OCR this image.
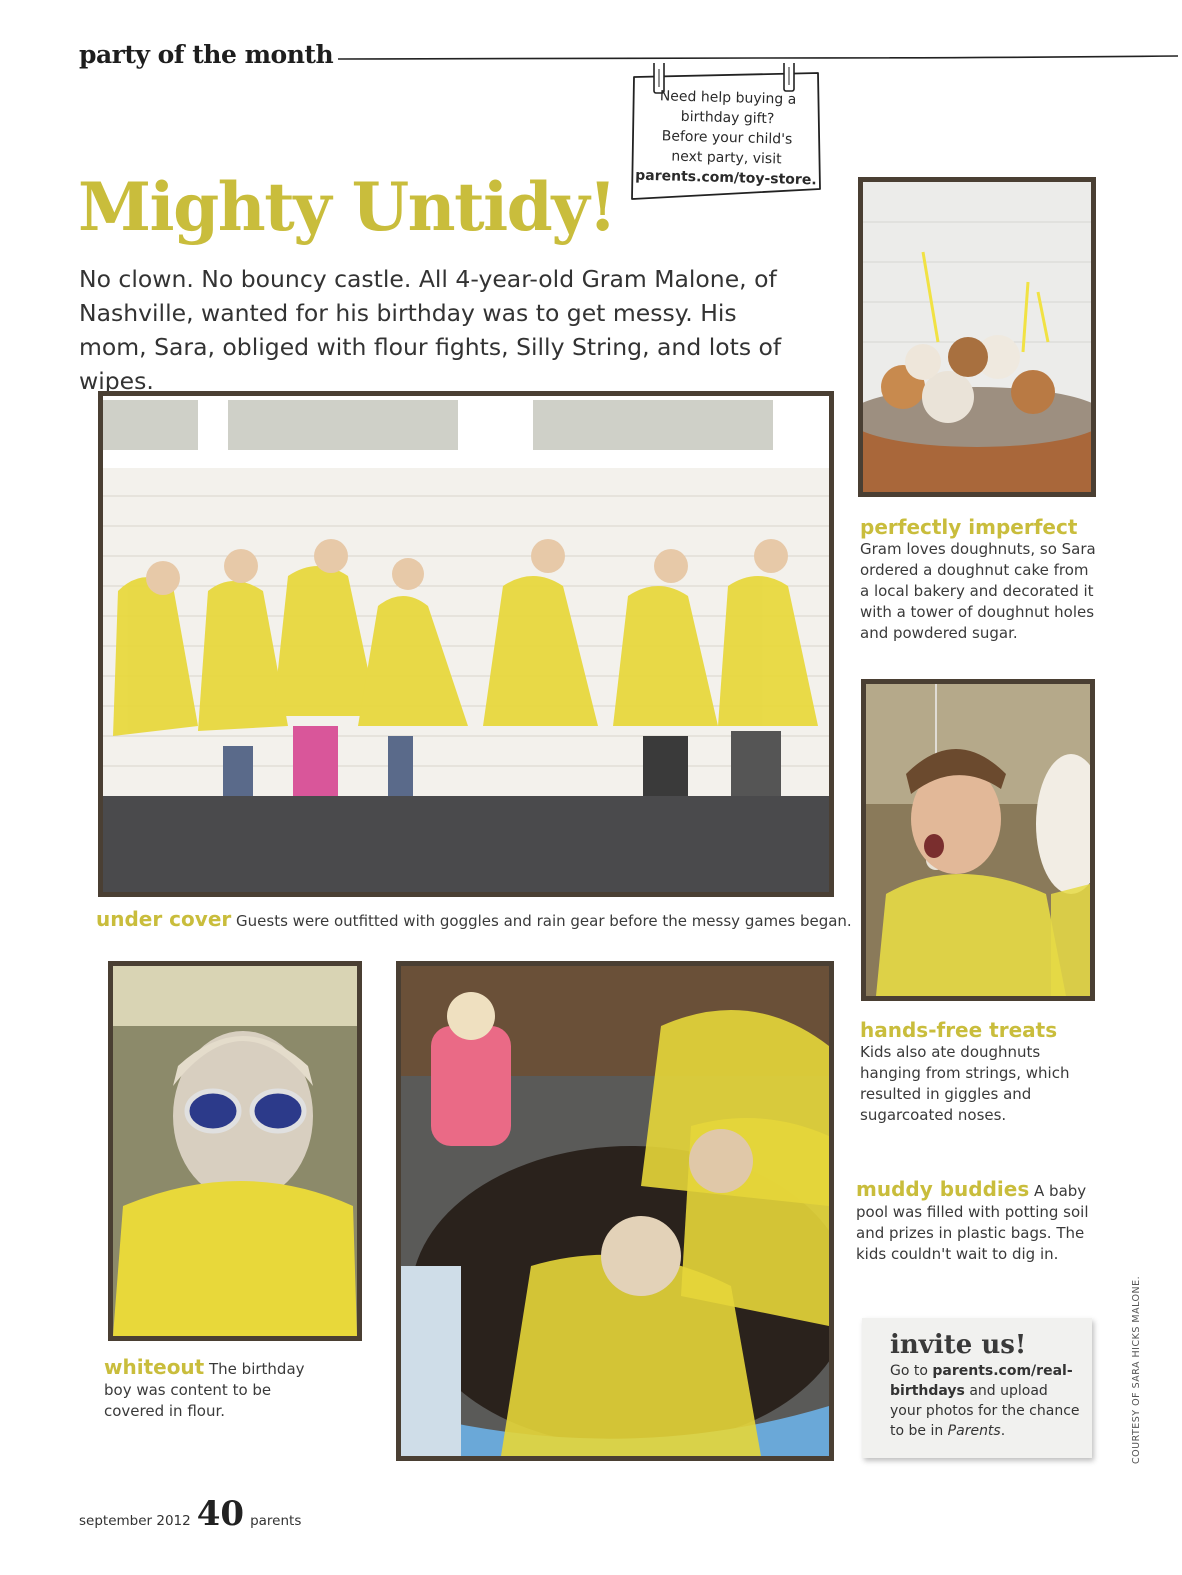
party of the month
Need help buying a
birthday gift?
Before your child's
next party, visit
parents.com/toy-store.
Mighty Untidy!
No clown. No bouncy castle. All 4-year-old Gram Malone, of Nashville, wanted for his birthday was to get messy. His mom, Sara, obliged with flour fights, Silly String, and lots of wipes.
under cover Guests were outfitted with goggles and rain gear before the messy games began.
perfectly imperfect
Gram loves doughnuts, so Sara ordered a doughnut cake from a local bakery and decorated it with a tower of doughnut holes and powdered sugar.
hands-free treats
Kids also ate doughnuts hanging from strings, which resulted in giggles and sugarcoated noses.
whiteout The birthday boy was content to be covered in flour.
muddy buddies A baby pool was filled with potting soil and prizes in plastic bags. The kids couldn't wait to dig in.
invite us!
Go to parents.com/real-birthdays and upload your photos for the chance to be in Parents.	COURTESY OF SARA HICKS MALONE.
september 2012 40 parents
